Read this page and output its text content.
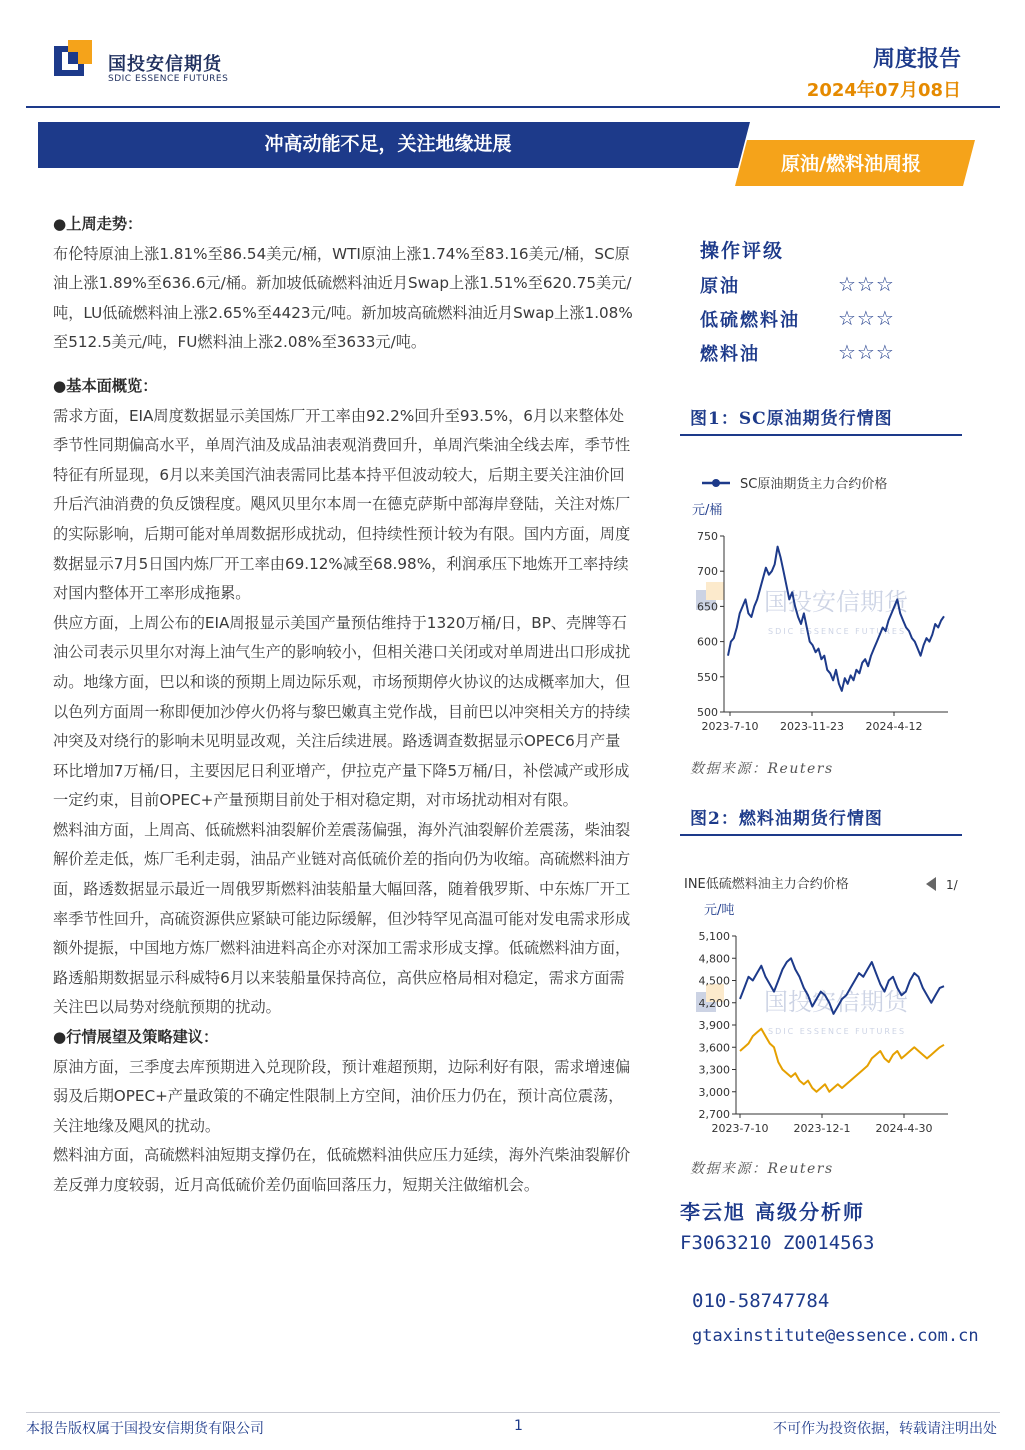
国投安信期货
SDIC ESSENCE FUTURES
周度报告
2024年07月08日
冲高动能不足，关注地缘进展
原油/燃料油周报

●上周走势：

布伦特原油上涨1.81%至86.54美元/桶，WTI原油上涨1.74%至83.16美元/桶，SC原油上涨1.89%至636.6元/桶。新加坡低硫燃料油近月Swap上涨1.51%至620.75美元/吨，LU低硫燃料油上涨2.65%至4423元/吨。新加坡高硫燃料油近月Swap上涨1.08%至512.5美元/吨，FU燃料油上涨2.08%至3633元/吨。

●基本面概览：

需求方面，EIA周度数据显示美国炼厂开工率由92.2%回升至93.5%，6月以来整体处季节性同期偏高水平，单周汽油及成品油表观消费回升，单周汽柴油全线去库，季节性特征有所显现，6月以来美国汽油表需同比基本持平但波动较大，后期主要关注油价回升后汽油消费的负反馈程度。飓风贝里尔本周一在德克萨斯中部海岸登陆，关注对炼厂的实际影响，后期可能对单周数据形成扰动，但持续性预计较为有限。国内方面，周度数据显示7月5日国内炼厂开工率由69.12%减至68.98%，利润承压下地炼开工率持续对国内整体开工率形成拖累。

供应方面，上周公布的EIA周报显示美国产量预估维持于1320万桶/日，BP、壳牌等石油公司表示贝里尔对海上油气生产的影响较小，但相关港口关闭或对单周进出口形成扰动。地缘方面，巴以和谈的预期上周边际乐观，市场预期停火协议的达成概率加大，但以色列方面周一称即便加沙停火仍将与黎巴嫩真主党作战，目前巴以冲突相关方的持续冲突及对绕行的影响未见明显改观，关注后续进展。路透调查数据显示OPEC6月产量环比增加7万桶/日，主要因尼日利亚增产，伊拉克产量下降5万桶/日，补偿减产或形成一定约束，目前OPEC+产量预期目前处于相对稳定期，对市场扰动相对有限。

燃料油方面，上周高、低硫燃料油裂解价差震荡偏强，海外汽油裂解价差震荡，柴油裂解价差走低，炼厂毛利走弱，油品产业链对高低硫价差的指向仍为收缩。高硫燃料油方面，路透数据显示最近一周俄罗斯燃料油装船量大幅回落，随着俄罗斯、中东炼厂开工率季节性回升，高硫资源供应紧缺可能边际缓解，但沙特罕见高温可能对发电需求形成额外提振，中国地方炼厂燃料油进料高企亦对深加工需求形成支撑。低硫燃料油方面，路透船期数据显示科威特6月以来装船量保持高位，高供应格局相对稳定，需求方面需关注巴以局势对绕航预期的扰动。

●行情展望及策略建议：

原油方面，三季度去库预期进入兑现阶段，预计难超预期，边际利好有限，需求增速偏弱及后期OPEC+产量政策的不确定性限制上方空间，油价压力仍在，预计高位震荡，关注地缘及飓风的扰动。

燃料油方面，高硫燃料油短期支撑仍在，低硫燃料油供应压力延续，海外汽柴油裂解价差反弹力度较弱，近月高低硫价差仍面临回落压力，短期关注做缩机会。

操作评级
原油	☆☆☆
低硫燃料油 ☆☆☆
燃料油	☆☆☆
图1：SC原油期货行情图
国投安信期货
SDIC ESSENCE FUTURES
SC原油期货主力合约价格
元/桶
750
700
650
600
550
500
2023-7-10 2023-11-23 2024-4-12
数据来源：Reuters
图2：燃料油期货行情图
国投安信期货
SDIC ESSENCE FUTURES
INE低硫燃料油主力合约价格	1/
元/吨
5,100
4,800
4,500
4,200
3,900
3,600
3,300
3,000
2,700
2023-7-10 2023-12-1 2024-4-30
数据来源：Reuters
李云旭 高级分析师
F3063210 Z0014563
010-58747784
gtaxinstitute@essence.com.cn
本报告版权属于国投安信期货有限公司	1	不可作为投资依据，转载请注明出处
